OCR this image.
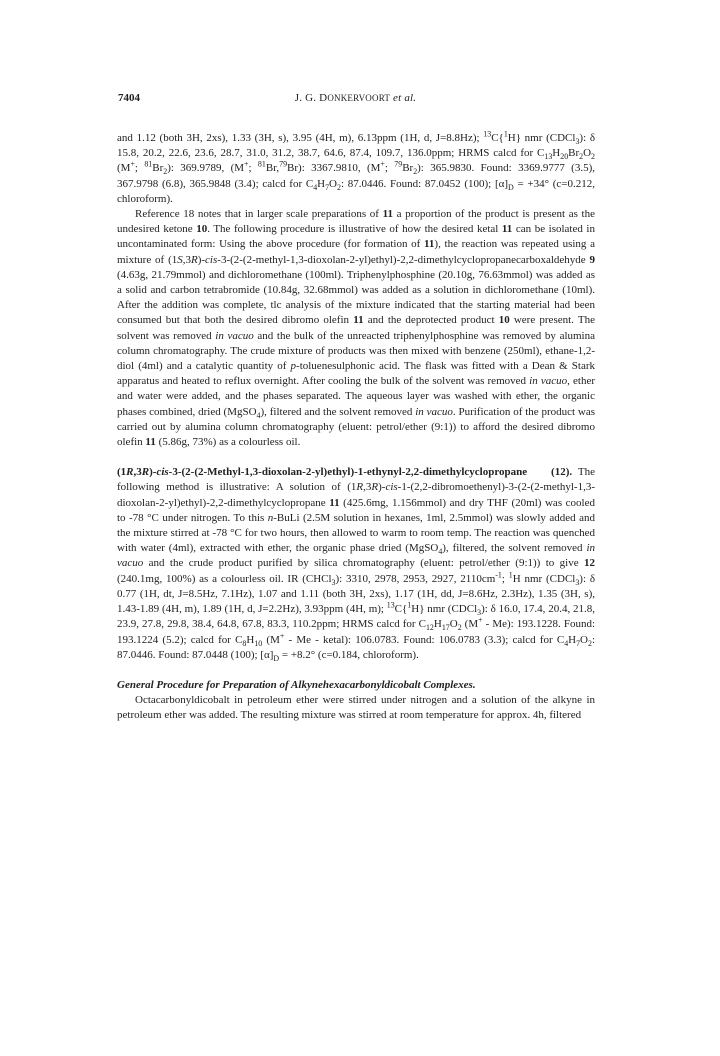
7404	J. G. DONKERVOORT et al.

and 1.12 (both 3H, 2xs), 1.33 (3H, s), 3.95 (4H, m), 6.13ppm (1H, d, J=8.8Hz); $^{13}$C{$^1$H} nmr (CDCl$_3$): δ 15.8, 20.2, 22.6, 23.6, 28.7, 31.0, 31.2, 38.7, 64.6, 87.4, 109.7, 136.0ppm; HRMS calcd for $C_{13}H_{20}Br_2O_2$ (M+; $^{81}Br_2$): 369.9789, (M+; $^{81}$Br,$^{79}$Br): 3367.9810, (M+; $^{79}Br_2$): 365.9830. Found: 3369.9777 (3.5), 367.9798 (6.8), 365.9848 (3.4); calcd for $C_4H_7O_2$: 87.0446. Found: 87.0452 (100); $[\alpha]_D = +34^\circ$ (c=0.212, chloroform).

Reference 18 notes that in larger scale preparations of 11 a proportion of the product is present as the undesired ketone 10. The following procedure is illustrative of how the desired ketal 11 can be isolated in uncontaminated form: Using the above procedure (for formation of 11), the reaction was repeated using a mixture of (1S,3R)-cis-3-(2-(2-methyl-1,3-dioxolan-2-yl)ethyl)-2,2-dimethylcyclopropanecarboxaldehyde 9 (4.63g, 21.79mmol) and dichloromethane (100ml). Triphenylphosphine (20.10g, 76.63mmol) was added as a solid and carbon tetrabromide (10.84g, 32.68mmol) was added as a solution in dichloromethane (10ml). After the addition was complete, tlc analysis of the mixture indicated that the starting material had been consumed but that both the desired dibromo olefin 11 and the deprotected product 10 were present. The solvent was removed in vacuo and the bulk of the unreacted triphenylphosphine was removed by alumina column chromatography. The crude mixture of products was then mixed with benzene (250ml), ethane-1,2-diol (4ml) and a catalytic quantity of p-toluenesulphonic acid. The flask was fitted with a Dean & Stark apparatus and heated to reflux overnight. After cooling the bulk of the solvent was removed in vacuo, ether and water were added, and the phases separated. The aqueous layer was washed with ether, the organic phases combined, dried (MgSO$_4$), filtered and the solvent removed in vacuo. Purification of the product was carried out by alumina column chromatography (eluent: petrol/ether (9:1)) to afford the desired dibromo olefin 11 (5.86g, 73%) as a colourless oil.

(1R,3R)-cis-3-(2-(2-Methyl-1,3-dioxolan-2-yl)ethyl)-1-ethynyl-2,2-dimethylcyclopropane    (12). The following method is illustrative: A solution of (1R,3R)-cis-1-(2,2-dibromoethenyl)-3-(2-(2-methyl-1,3-dioxolan-2-yl)ethyl)-2,2-dimethylcyclopropane 11 (425.6mg, 1.156mmol) and dry THF (20ml) was cooled to -78 °C under nitrogen. To this n-BuLi (2.5M solution in hexanes, 1ml, 2.5mmol) was slowly added and the mixture stirred at -78 °C for two hours, then allowed to warm to room temp. The reaction was quenched with water (4ml), extracted with ether, the organic phase dried (MgSO$_4$), filtered, the solvent removed in vacuo and the crude product purified by silica chromatography (eluent: petrol/ether (9:1)) to give 12 (240.1mg, 100%) as a colourless oil. IR (CHCl$_3$): 3310, 2978, 2953, 2927, $2110cm^{-1}$; $^1$H nmr (CDCl$_3$): δ 0.77 (1H, dt, J=8.5Hz, 7.1Hz), 1.07 and 1.11 (both 3H, 2xs), 1.17 (1H, dd, J=8.6Hz, 2.3Hz), 1.35 (3H, s), 1.43-1.89 (4H, m), 1.89 (1H, d, J=2.2Hz), 3.93ppm (4H, m); $^{13}$C{$^1$H} nmr (CDCl$_3$): δ 16.0, 17.4, 20.4, 21.8, 23.9, 27.8, 29.8, 38.4, 64.8, 67.8, 83.3, 110.2ppm; HRMS calcd for $C_{12}H_{17}O_2$ (M+ - Me): 193.1228. Found: 193.1224 (5.2); calcd for $C_8H_{10}$ (M+ - Me - ketal): 106.0783. Found: 106.0783 (3.3); calcd for $C_4H_7O_2$: 87.0446. Found: 87.0448 (100); $[\alpha]_D = +8.2^\circ$ (c=0.184, chloroform).

General Procedure for Preparation of Alkynehexacarbonyldicobalt Complexes.

Octacarbonyldicobalt in petroleum ether were stirred under nitrogen and a solution of the alkyne in petroleum ether was added. The resulting mixture was stirred at room temperature for approx. 4h, filtered
